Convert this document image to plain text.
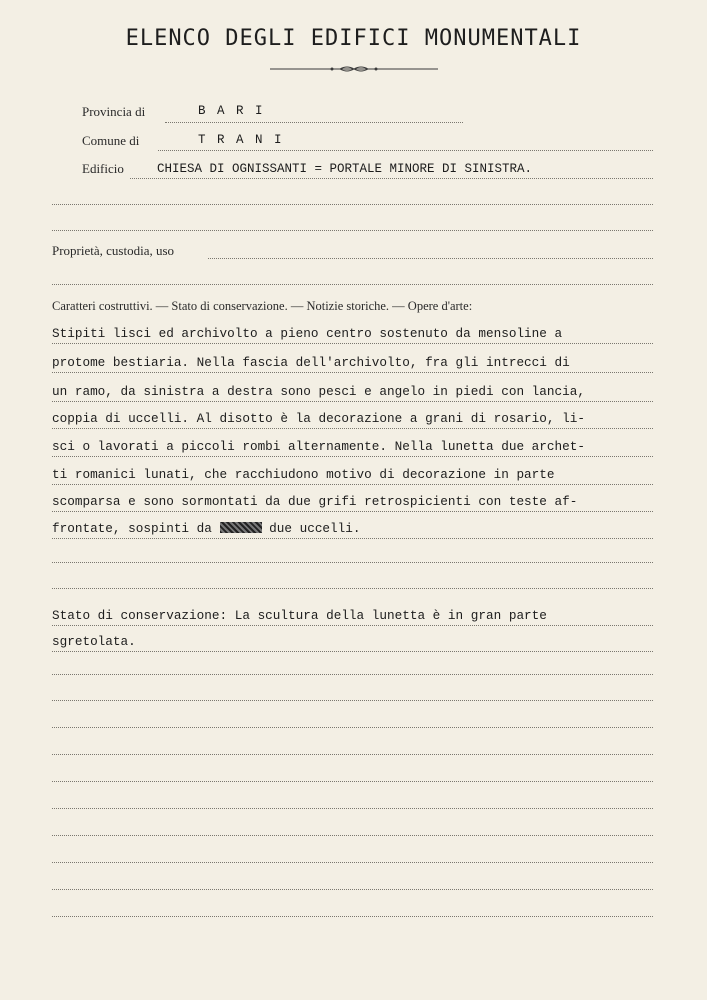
ELENCO DEGLI EDIFICI MONUMENTALI
Provincia di	B A R I
Comune di	T R A N I
Edificio	CHIESA DI OGNISSANTI = PORTALE MINORE DI SINISTRA.
Proprietà, custodia, uso
Caratteri costruttivi. — Stato di conservazione. — Notizie storiche. — Opere d'arte:
Stipiti lisci ed archivolto a pieno centro sostenuto da mensoline a
protome bestiaria. Nella fascia dell'archivolto, fra gli intrecci di
un ramo, da sinistra a destra sono pesci e angelo in piedi con lancia,
coppia di uccelli. Al disotto è la decorazione a grani di rosario, li-
sci o lavorati a piccoli rombi alternamente. Nella lunetta due archet-
ti romanici lunati, che racchiudono motivo di decorazione in parte
scomparsa e sono sormontati da due grifi retrospicienti con teste af-
frontate, sospinti da	due uccelli.
Stato di conservazione: La scultura della lunetta è in gran parte
sgretolata.
